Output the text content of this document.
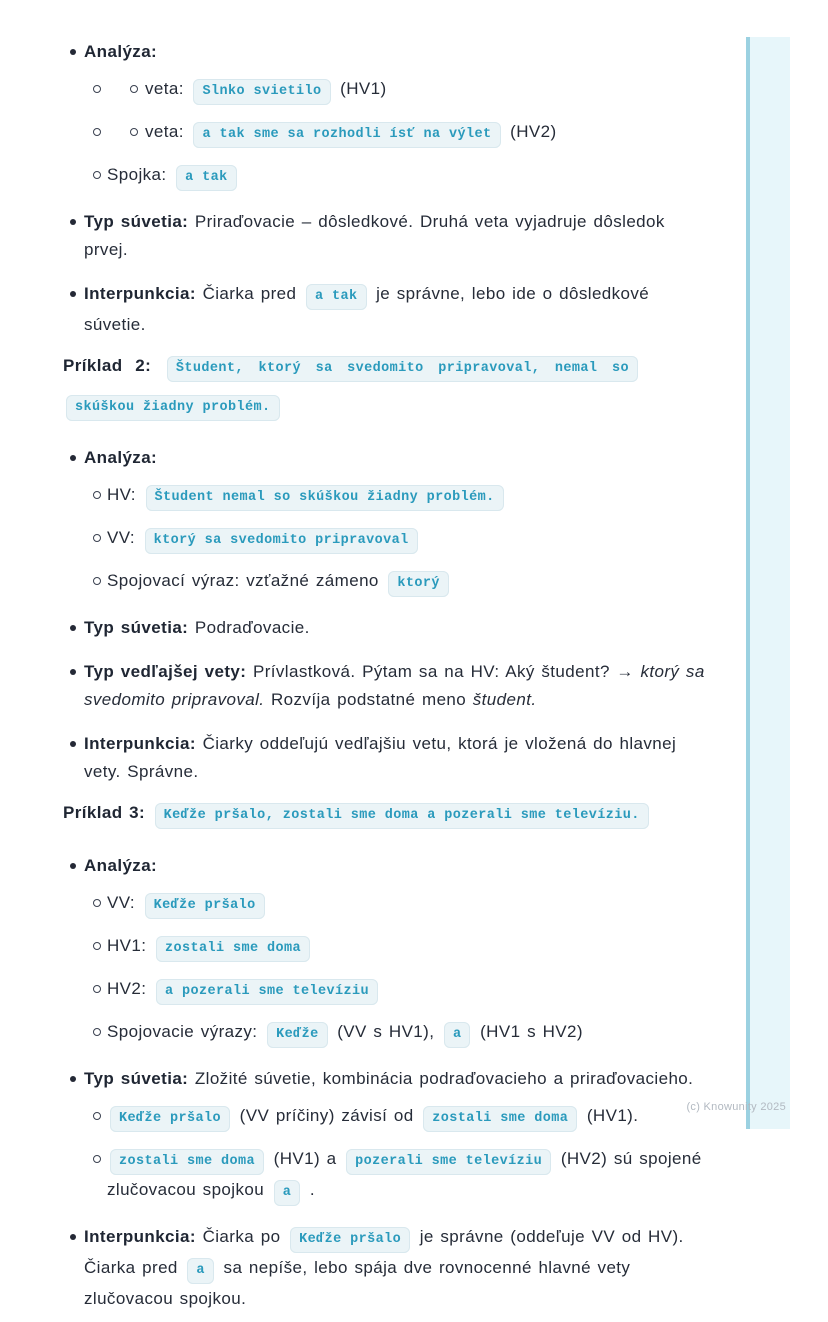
Analýza:
veta: Slnko svietilo (HV1)
veta: a tak sme sa rozhodli ísť na výlet (HV2)
Spojka: a tak
Typ súvetia: Priraďovacie – dôsledkové. Druhá veta vyjadruje dôsledok prvej.
Interpunkcia: Čiarka pred a tak je správne, lebo ide o dôsledkové súvetie.

Príklad 2: Študent, ktorý sa svedomito pripravoval, nemal so skúškou žiadny problém.

Analýza:
HV: Študent nemal so skúškou žiadny problém.
VV: ktorý sa svedomito pripravoval
Spojovací výraz: vzťažné zámeno ktorý
Typ súvetia: Podraďovacie.
Typ vedľajšej vety: Prívlastková. Pýtam sa na HV: Aký študent? → ktorý sa svedomito pripravoval. Rozvíja podstatné meno študent.
Interpunkcia: Čiarky oddeľujú vedľajšiu vetu, ktorá je vložená do hlavnej vety. Správne.

Príklad 3: Keďže pršalo, zostali sme doma a pozerali sme televíziu.

Analýza:
VV: Keďže pršalo
HV1: zostali sme doma
HV2: a pozerali sme televíziu
Spojovacie výrazy: Keďže (VV s HV1), a (HV1 s HV2)
Typ súvetia: Zložité súvetie, kombinácia podraďovacieho a priraďovacieho.
Keďže pršalo (VV príčiny) závisí od zostali sme doma (HV1).
zostali sme doma (HV1) a pozerali sme televíziu (HV2) sú spojené zlučovacou spojkou a .
Interpunkcia: Čiarka po Keďže pršalo je správne (oddeľuje VV od HV). Čiarka pred a sa nepíše, lebo spája dve rovnocenné hlavné vety zlučovacou spojkou.
(c) Knowunity 2025
